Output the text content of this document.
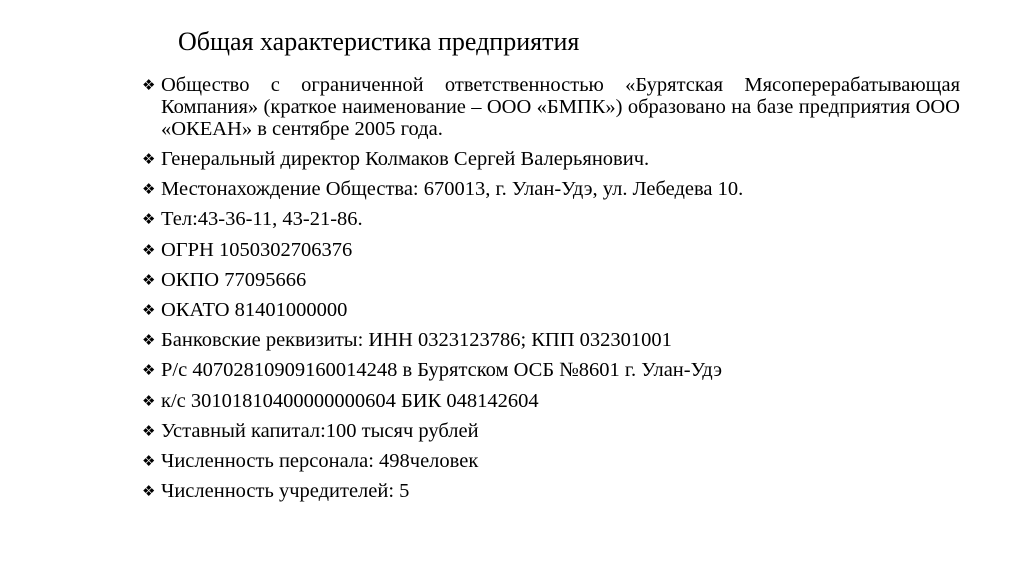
Общая характеристика предприятия
❖ Общество с ограниченной ответственностью «Бурятская Мясоперерабатывающая Компания» (краткое наименование – ООО «БМПК») образовано на базе предприятия ООО «ОКЕАН» в сентябре 2005 года.
❖ Генеральный директор Колмаков Сергей Валерьянович.
❖ Местонахождение Общества: 670013, г. Улан-Удэ, ул. Лебедева 10.
❖ Тел:43-36-11, 43-21-86.
❖ ОГРН 1050302706376
❖ ОКПО 77095666
❖ ОКАТО 81401000000
❖ Банковские реквизиты: ИНН 0323123786; КПП 032301001
❖ Р/с 40702810909160014248 в Бурятском ОСБ №8601 г. Улан-Удэ
❖ к/с 30101810400000000604 БИК 048142604
❖ Уставный капитал:100 тысяч рублей
❖ Численность персонала: 498человек
❖ Численность учредителей: 5
